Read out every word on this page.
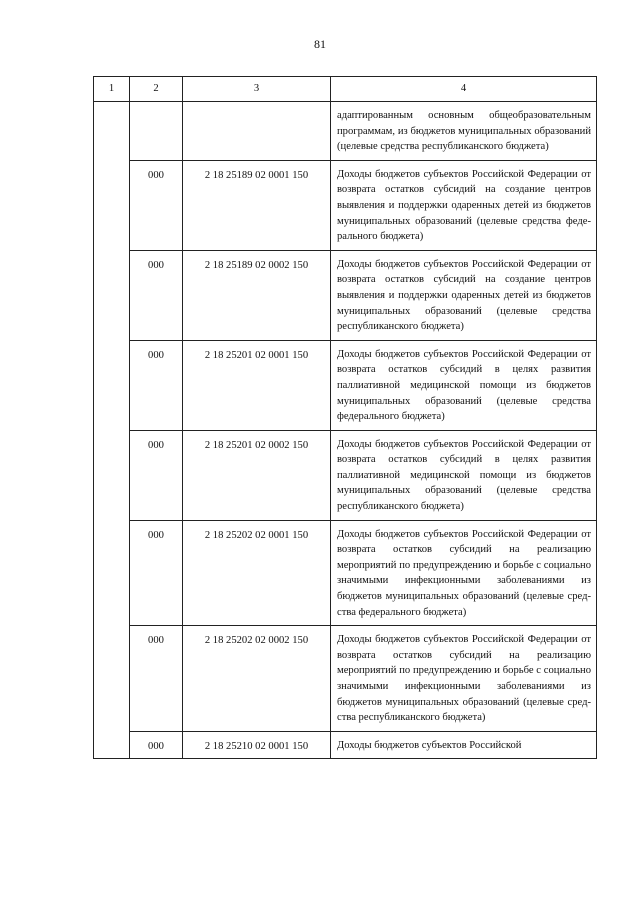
81
1	2	3	4
			адаптированным основным общеобразовательным программам, из бюджетов муниципальных образований (целевые средства республиканского бюджета)
	000	2 18 25189 02 0001 150	Доходы бюджетов субъектов Российской Федерации от возврата остатков субсидий на создание центров выявления и поддержки одаренных детей из бюджетов муниципальных образований (целевые средства федерального бюджета)
	000	2 18 25189 02 0002 150	Доходы бюджетов субъектов Российской Федерации от возврата остатков субсидий на создание центров выявления и поддержки одаренных детей из бюджетов муниципальных образований (целевые средства республиканского бюджета)
	000	2 18 25201 02 0001 150	Доходы бюджетов субъектов Российской Федерации от возврата остатков субсидий в целях развития паллиативной медицинской помощи из бюджетов муниципальных образований (целевые средства федерального бюджета)
	000	2 18 25201 02 0002 150	Доходы бюджетов субъектов Российской Федерации от возврата остатков субсидий в целях развития паллиативной медицинской помощи из бюджетов муниципальных образований (целевые средства республиканского бюджета)
	000	2 18 25202 02 0001 150	Доходы бюджетов субъектов Российской Федерации от возврата остатков субсидий на реализацию мероприятий по предупреждению и борьбе с социально значимыми инфекционными заболеваниями из бюджетов муниципальных образований (целевые средства федерального бюджета)
	000	2 18 25202 02 0002 150	Доходы бюджетов субъектов Российской Федерации от возврата остатков субсидий на реализацию мероприятий по предупреждению и борьбе с социально значимыми инфекционными заболеваниями из бюджетов муниципальных образований (целевые средства республиканского бюджета)
	000	2 18 25210 02 0001 150	Доходы бюджетов субъектов Российской
